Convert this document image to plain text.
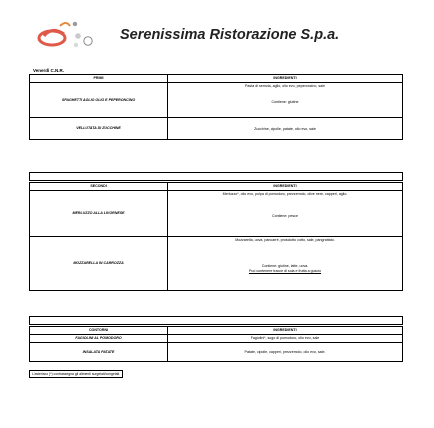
Serenissima Ristorazione S.p.a.
Venerdì C.N.R.
PRIMI	INGREDIENTI
SPAGHETTI AGLIO OLIO E PEPERONCINO	Pasta di semola, aglio, olio evo, peperoncino, sale
Contiene: glutine

VELLUTATA DI ZUCCHINE	Zucchine, cipolle, patate, olio evo, sale
SECONDI	INGREDIENTI
MERLUZZO ALLA LIVORNESE	Merluzzo*, olio evo, polpa di pomodoro, prezzemolo, olive nere, capperi, aglio.
Contiene: pesce

MOZZARELLA IN CARROZZA	Mozzarella, uova, pancarrè, prosciutto cotto, sale, pangrattato.
Contiene: glutine, latte, uova.
Può contenere tracce di soia e frutta a guscio
CONTORNI	INGREDIENTI
FAGIOLINI AL POMODORO	Fagiolini*, sugo di pomodoro, olio evo, sale
INSALATA PATATE	Patate, cipolle, capperi, prezzemolo, olio evo, sale.
L'asterisco (*) contrassegna gli alimenti surgelati/congelati.
